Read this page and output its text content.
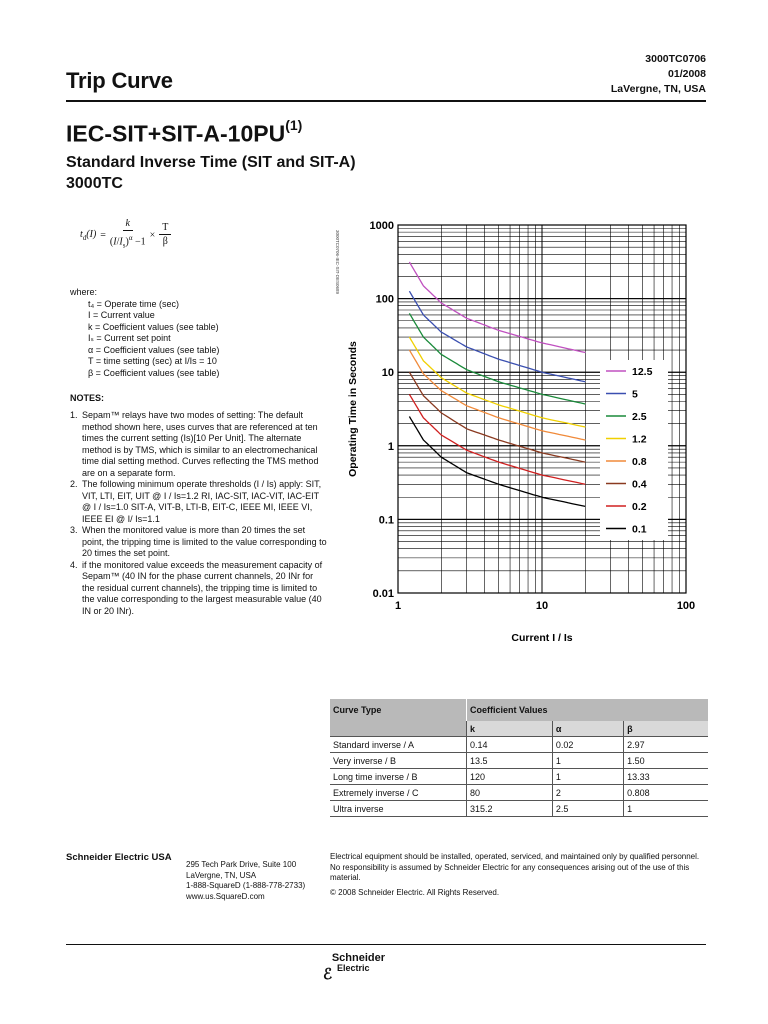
3000TC0706
01/2008
LaVergne, TN, USA
Trip Curve
IEC-$SIT+SIT-A-10PU^{(1)}$
Standard Inverse Time (SIT and SIT-A)
3000TC
$t_d(I) = \frac{k}{(I/I_s)^\alpha -1} \times \frac{T}{\beta}$
where:
t₄ = Operate time (sec)
I = Current value
k = Coefficient values (see table)
Iₛ = Current set point
α = Coefficient values (see table)
T = time setting (sec) at I/Is = 10
β = Coefficient values (see table)
NOTES:
1. Sepam™ relays have two modes of setting: The default method shown here, uses curves that are referenced at ten times the current setting (Is)[10 Per Unit]. The alternate method is by TMS, which is similar to an electromechanical time dial setting method. Curves reflecting the TMS method are on a separate form.
2. The following minimum operate thresholds (I / Is) apply: SIT, VIT, LTI, EIT, UIT @ I / Is=1.2 RI, IAC-SIT, IAC-VIT, IAC-EIT @ I / Is=1.0 SIT-A, VIT-B, LTI-B, EIT-C, IEEE MI, IEEE VI, IEEE EI @ I/ Is=1.1
3. When the monitored value is more than 20 times the set point, the tripping time is limited to the value corresponding to 20 times the set point.
4. if the monitored value exceeds the measurement capacity of Sepam™ (40 IN for the phase current channels, 20 INr for the residual current channels), the tripping time is limited to the value corresponding to the largest measurable value (40 IN or 20 INr).
12.5
5
2.5
1.2
0.8
0.4
0.2
0.1
1	10	100
0.01
0.1
1
10
100
1000
3000TC0706-IEC-SIT-DES0689
Operating Time in Seconds
Current I / Is
Curve Type	Coefficient Values		
	k	α	β
Standard inverse / A	0.14	0.02	2.97
Very inverse / B	13.5	1	1.50
Long time inverse / B	120	1	13.33
Extremely inverse / C	80	2	0.808
Ultra inverse	315.2	2.5	1
Schneider Electric USA
295 Tech Park Drive, Suite 100
LaVergne, TN, USA
1-888-SquareD (1-888-778-2733)
www.us.SquareD.com
Electrical equipment should be installed, operated, serviced, and maintained only by qualified personnel. No responsibility is assumed by Schneider Electric for any consequences arising out of the use of this material.
© 2008 Schneider Electric. All Rights Reserved.
Schneider
ℰ Electric
